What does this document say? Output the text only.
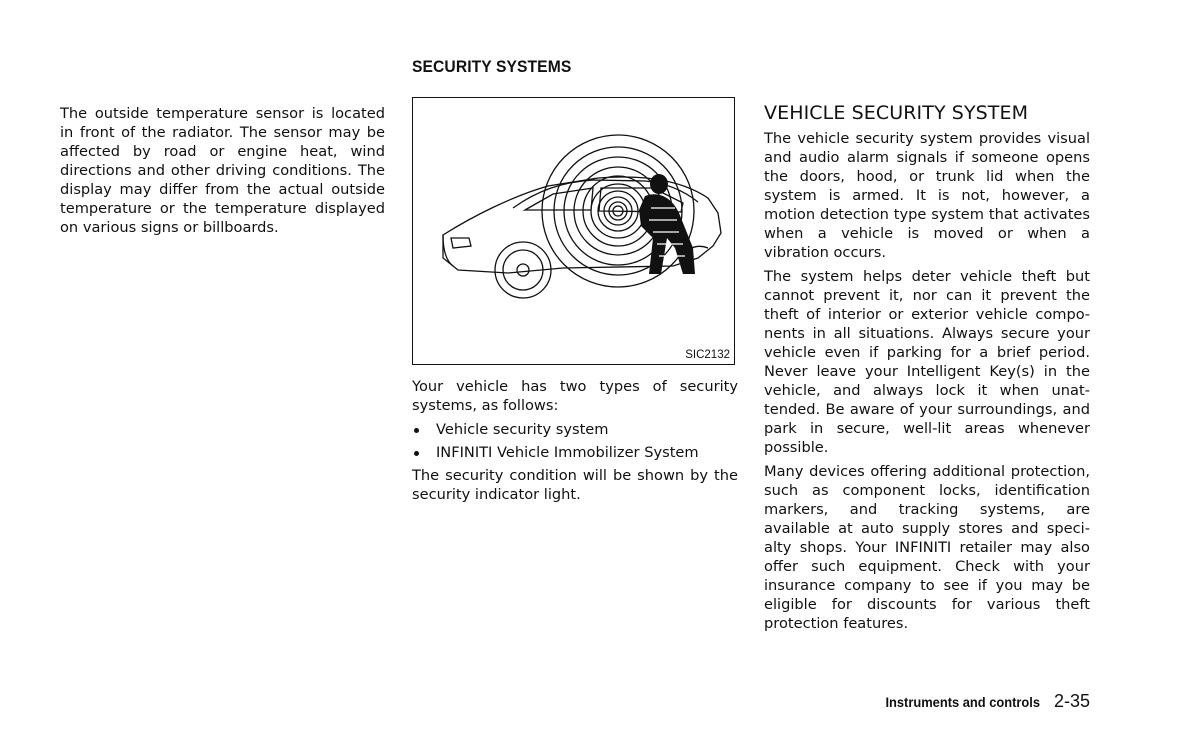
SECURITY SYSTEMS

The outside temperature sensor is located in front of the radiator. The sensor may be affected by road or engine heat, wind directions and other driving conditions. The display may differ from the actual outside temperature or the temperature displayed on various signs or billboards.

SIC2132

Your vehicle has two types of security systems, as follows:

Vehicle security system
INFINITI Vehicle Immobilizer System

The security condition will be shown by the security indicator light.

VEHICLE SECURITY SYSTEM

The vehicle security system provides visual and audio alarm signals if someone opens the doors, hood, or trunk lid when the system is armed. It is not, however, a motion detection type system that activates when a vehicle is moved or when a vibration occurs.

The system helps deter vehicle theft but cannot prevent it, nor can it prevent the theft of interior or exterior vehicle components in all situations. Always secure your vehicle even if parking for a brief period. Never leave your Intelligent Key(s) in the vehicle, and always lock it when unattended. Be aware of your surroundings, and park in secure, well-lit areas whenever possible.

Many devices offering additional protection, such as component locks, identification markers, and tracking systems, are available at auto supply stores and specialty shops. Your INFINITI retailer may also offer such equipment. Check with your insurance company to see if you may be eligible for discounts for various theft protection features.

Instruments and controls 2-35
